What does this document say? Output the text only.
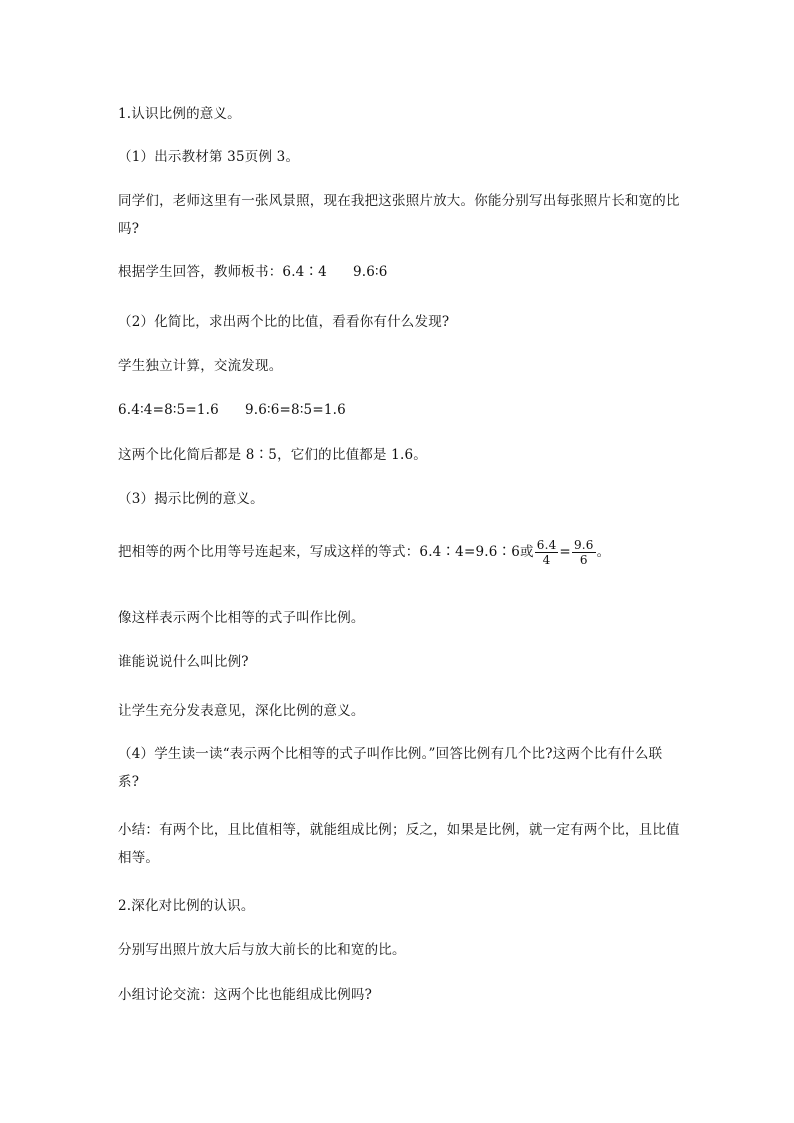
1.认识比例的意义。
（1）出示教材第 35页例 3。
同学们，老师这里有一张风景照，现在我把这张照片放大。你能分别写出每张照片长和宽的比吗?
根据学生回答，教师板书：6.4∶4 9.6∶6
（2）化简比，求出两个比的比值，看看你有什么发现?
学生独立计算，交流发现。
6.4∶4=8∶5=1.6 9.6∶6=8∶5=1.6
这两个比化简后都是 8∶5，它们的比值都是 1.6。
（3）揭示比例的意义。
把相等的两个比用等号连起来，写成这样的等式：6.4∶4=9.6∶6或 $\frac{6.4}{4} = \frac{9.6}{6}$ 。
像这样表示两个比相等的式子叫作比例。
谁能说说什么叫比例?
让学生充分发表意见，深化比例的意义。
（4）学生读一读“表示两个比相等的式子叫作比例。”回答比例有几个比?这两个比有什么联系?
小结：有两个比，且比值相等，就能组成比例；反之，如果是比例，就一定有两个比，且比值相等。
2.深化对比例的认识。
分别写出照片放大后与放大前长的比和宽的比。
小组讨论交流：这两个比也能组成比例吗?
